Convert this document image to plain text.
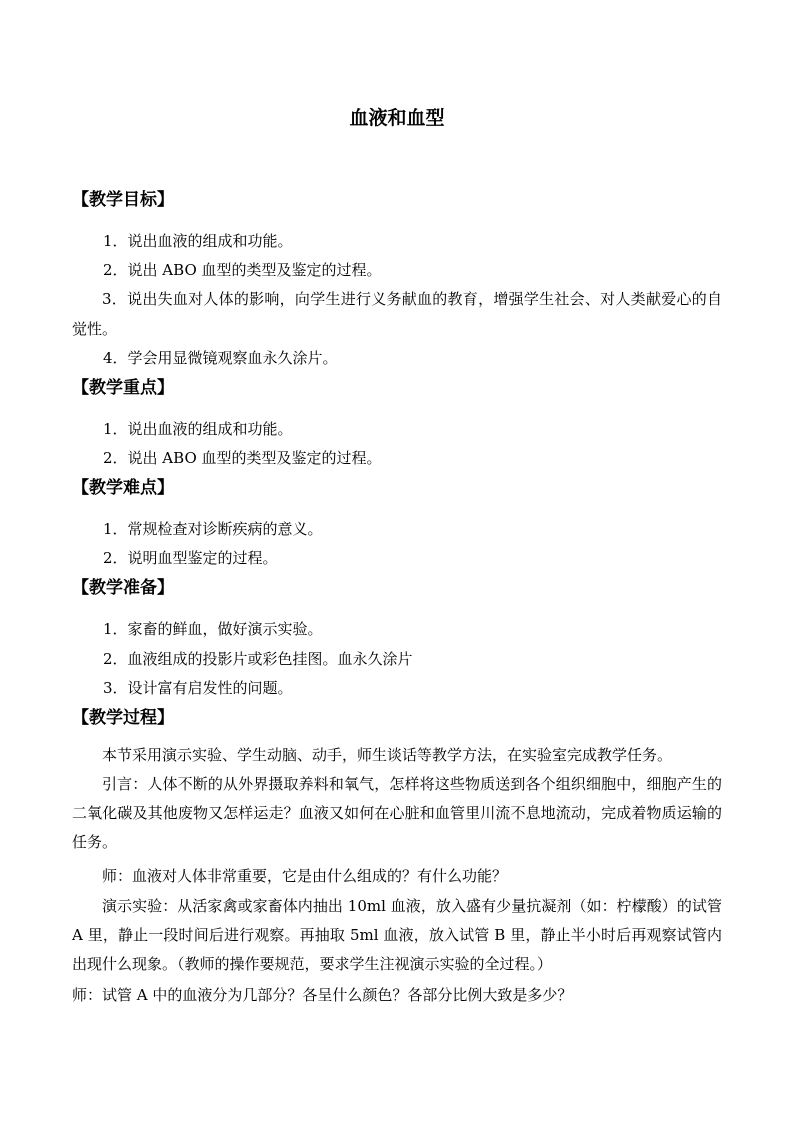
血液和血型
【教学目标】
1．说出血液的组成和功能。
2．说出 ABO 血型的类型及鉴定的过程。
3．说出失血对人体的影响，向学生进行义务献血的教育，增强学生社会、对人类献爱心的自觉性。
4．学会用显微镜观察血永久涂片。
【教学重点】
1．说出血液的组成和功能。
2．说出 ABO 血型的类型及鉴定的过程。
【教学难点】
1．常规检查对诊断疾病的意义。
2．说明血型鉴定的过程。
【教学准备】
1．家畜的鲜血，做好演示实验。
2．血液组成的投影片或彩色挂图。血永久涂片
3．设计富有启发性的问题。
【教学过程】
本节采用演示实验、学生动脑、动手，师生谈话等教学方法，在实验室完成教学任务。
引言：人体不断的从外界摄取养料和氧气，怎样将这些物质送到各个组织细胞中，细胞产生的二氧化碳及其他废物又怎样运走？血液又如何在心脏和血管里川流不息地流动，完成着物质运输的任务。
师：血液对人体非常重要，它是由什么组成的？有什么功能？
演示实验：从活家禽或家畜体内抽出 10ml 血液，放入盛有少量抗凝剂（如：柠檬酸）的试管 A 里，静止一段时间后进行观察。再抽取 5ml 血液，放入试管 B 里，静止半小时后再观察试管内出现什么现象。（教师的操作要规范，要求学生注视演示实验的全过程。）
师：试管 A 中的血液分为几部分？各呈什么颜色？各部分比例大致是多少？
